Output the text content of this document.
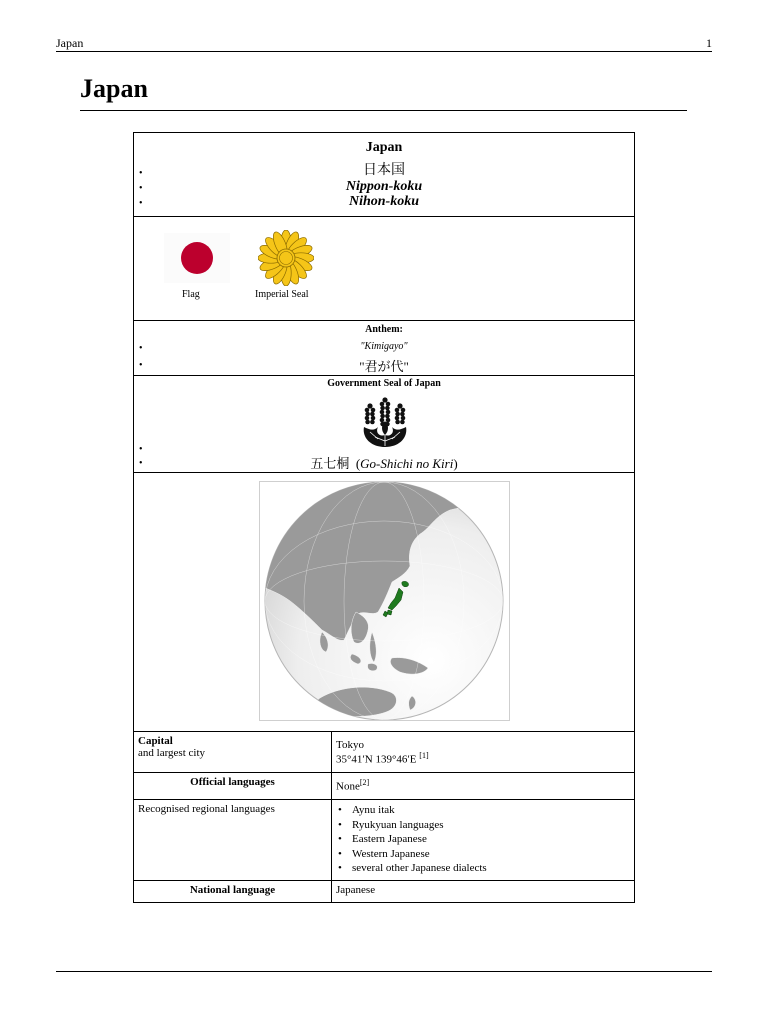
Japan	1
Japan
Japan
•
•
•
日本国
Nippon-koku
Nihon-koku
Flag	Imperial Seal
Anthem:
•
•
"Kimigayo"
"君が代"
Government Seal of Japan
•
•	五七桐  (Go-Shichi no Kiri)
Capital
and largest city
Tokyo
35°41′N 139°46′E [1]
Official languages	None[2]
Recognised regional languages
•	Aynu itak
• Ryukyuan languages
• Eastern Japanese
• Western Japanese
• several other Japanese dialects
National language	Japanese
